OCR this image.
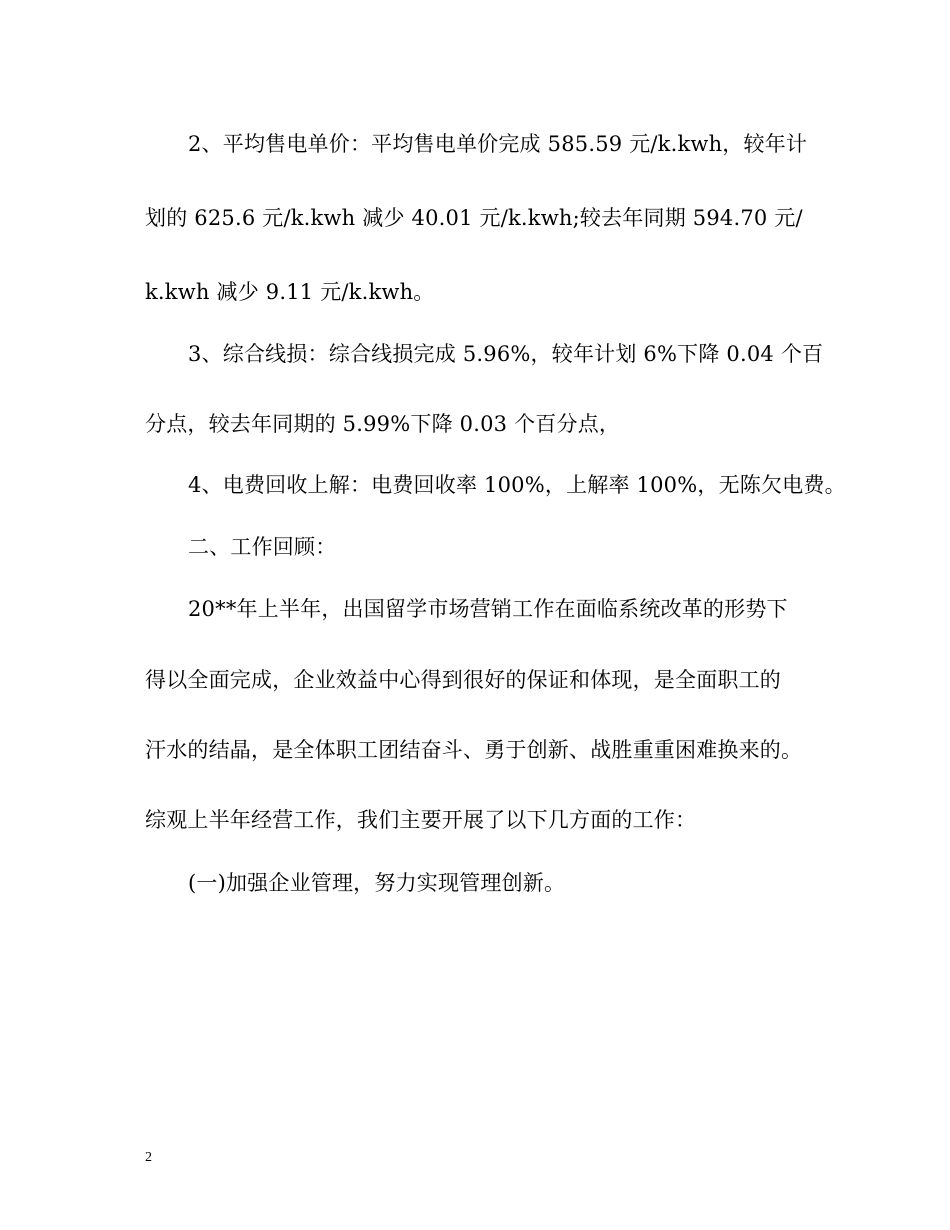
2、平均售电单价：平均售电单价完成 585.59 元/k.kwh，较年计
划的 625.6 元/k.kwh 减少 40.01 元/k.kwh;较去年同期 594.70 元/
k.kwh 减少 9.11 元/k.kwh。
3、综合线损：综合线损完成 5.96%，较年计划 6%下降 0.04 个百
分点，较去年同期的 5.99%下降 0.03 个百分点，
4、电费回收上解：电费回收率 100%，上解率 100%，无陈欠电费。
二、工作回顾：
20**年上半年，出国留学市场营销工作在面临系统改革的形势下
得以全面完成，企业效益中心得到很好的保证和体现，是全面职工的
汗水的结晶，是全体职工团结奋斗、勇于创新、战胜重重困难换来的。
综观上半年经营工作，我们主要开展了以下几方面的工作：
(一)加强企业管理，努力实现管理创新。
2
